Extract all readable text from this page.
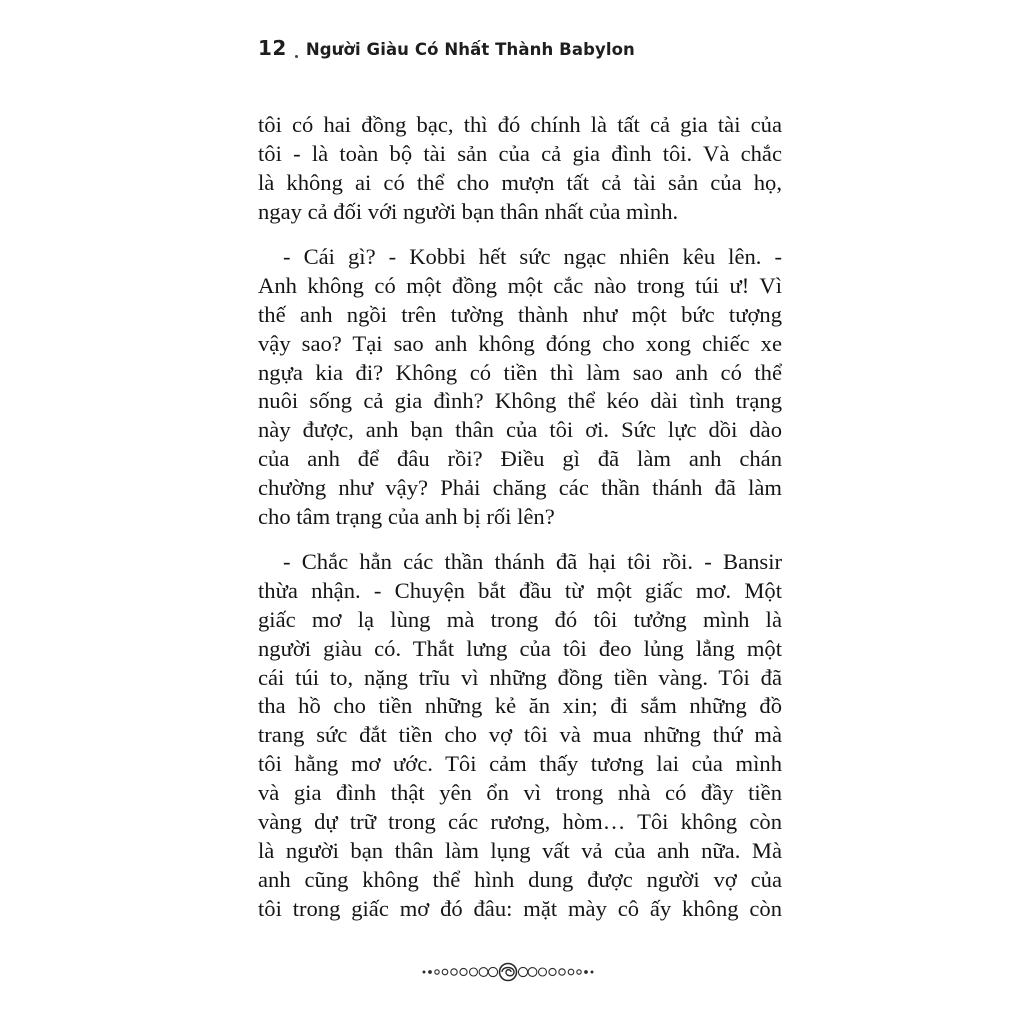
12 Người Giàu Có Nhất Thành Babylon
tôi có hai đồng bạc, thì đó chính là tất cả gia tài của
tôi - là toàn bộ tài sản của cả gia đình tôi. Và chắc
là không ai có thể cho mượn tất cả tài sản của họ,
ngay cả đối với người bạn thân nhất của mình.
- Cái gì? - Kobbi hết sức ngạc nhiên kêu lên. -
Anh không có một đồng một cắc nào trong túi ư! Vì
thế anh ngồi trên tường thành như một bức tượng
vậy sao? Tại sao anh không đóng cho xong chiếc xe
ngựa kia đi? Không có tiền thì làm sao anh có thể
nuôi sống cả gia đình? Không thể kéo dài tình trạng
này được, anh bạn thân của tôi ơi. Sức lực dồi dào
của anh để đâu rồi? Điều gì đã làm anh chán
chường như vậy? Phải chăng các thần thánh đã làm
cho tâm trạng của anh bị rối lên?
- Chắc hẳn các thần thánh đã hại tôi rồi. - Bansir
thừa nhận. - Chuyện bắt đầu từ một giấc mơ. Một
giấc mơ lạ lùng mà trong đó tôi tưởng mình là
người giàu có. Thắt lưng của tôi đeo lủng lẳng một
cái túi to, nặng trĩu vì những đồng tiền vàng. Tôi đã
tha hồ cho tiền những kẻ ăn xin; đi sắm những đồ
trang sức đắt tiền cho vợ tôi và mua những thứ mà
tôi hằng mơ ước. Tôi cảm thấy tương lai của mình
và gia đình thật yên ổn vì trong nhà có đầy tiền
vàng dự trữ trong các rương, hòm… Tôi không còn
là người bạn thân làm lụng vất vả của anh nữa. Mà
anh cũng không thể hình dung được người vợ của
tôi trong giấc mơ đó đâu: mặt mày cô ấy không còn
